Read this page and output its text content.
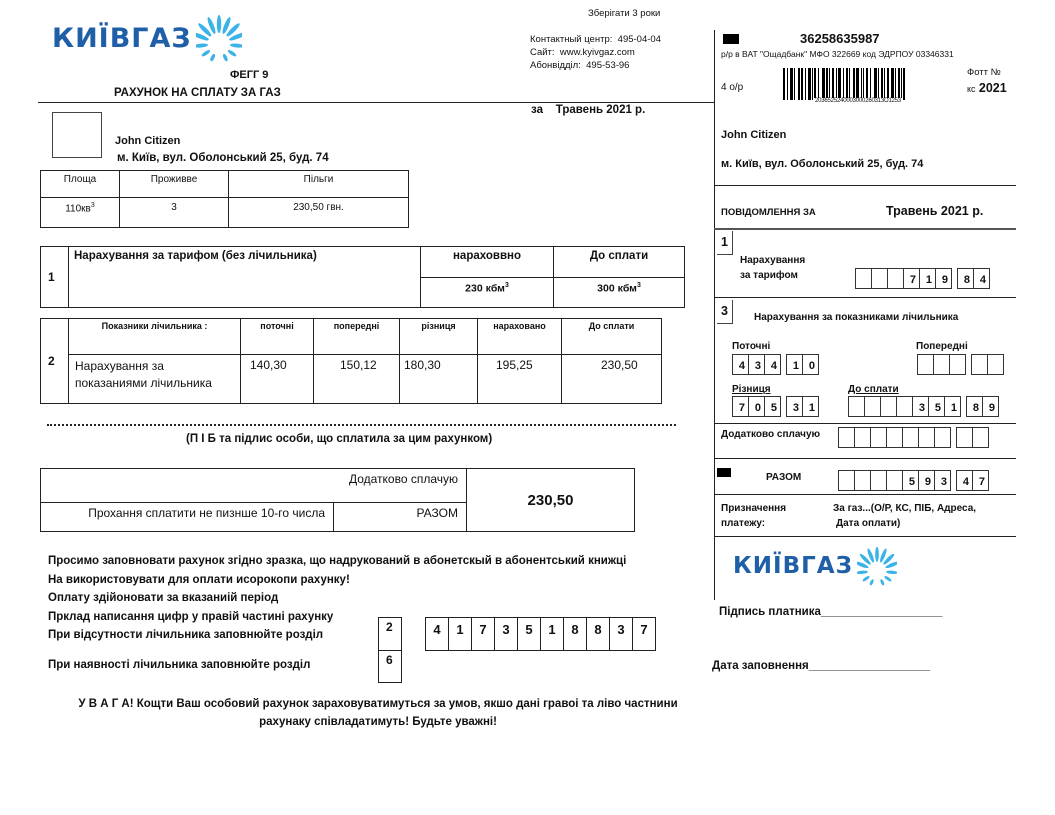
КИЇВГАЗ
Зберігати 3 роки
Контактный центр: 495-04-04
Сайт: www.kyivgaz.com
Абонвідділ: 495-53-96
ФЕГГ 9
РАХУНОК НА СПЛАТУ ЗА ГАЗ
за Травень 2021 р.
John Citizen
м. Київ, вул. Оболонський 25, буд. 74
Площа	Проживве	Пільги
$110кв^3$	3	230,50 гвн.
1	Нарахування за тарифом (без лічильника)	нараховвно	До сплати
		230 кбм$^3$	300 кбм$^3$
2	Показники лічильника :	поточні	попередні	різниця	нараховано	До сплати
	Нарахування за показаниями лічильника	140,30	150,12	180,30	195,25	230,50
(П І Б та підлис особи, що сплатила за цим рахунком)
Додатково сплачую		230,50
Прохання сплатити не пизнше 10-го числа	РАЗОМ	
Просимо заповновати рахунок згідно зразка, що надрукований в абонетскый в абонентський книжці
На використовувати для оплати исорокопи рахунку!
Оплату здійоновати за вказаниій період
Прклад написання цифр у правій частині рахунку
При відсутности лічильника заповнюйте розділ
При наявності лічильника заповнюйте розділ
2
6
4	1	7	3	5	1	8	8	3	7
У В А Г А! Кощти Ваш особовий рахунок зараховуватимуться за умов, якшо дані гравоі та ліво частнини
рахунаку співладатимуть! Будьте уважні!
36258635987
р/р в ВАТ "Ощадбанк" МФО 322669 код ЭДРПОУ 03346331
4 о/р
2036525240003000260313O1253
Фотт №
кс 2021
John Citizen
м. Київ, вул. Оболонський 25, буд. 74
ПОВІДОМЛЕННЯ ЗА	Травень 2021 р.
1
Нарахування
за тарифом	7 1 9	8 4
3	Нарахування за показниками лічильника
Поточні
4 3 4	1 0
Попередні
Різниця
7 0 5	3 1
До сплати
3 5 1	8 9
Додатково сплачую
РАЗОМ	5 9 3	4 7
Призначення
платежу:
За газ...(О/Р, КС, ПІБ, Адреса,
Дата оплати)
КИЇВГАЗ
Підпись платника___________________
Дата заповнення___________________
